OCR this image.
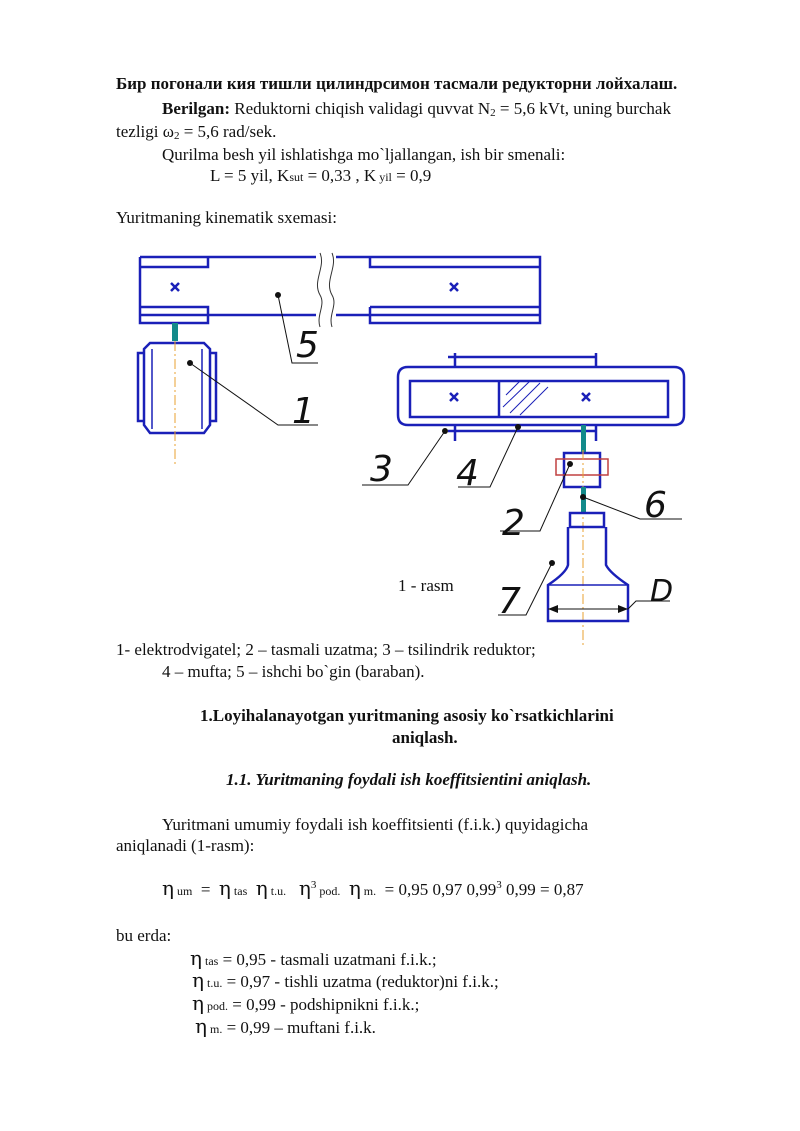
Бир погонали кия тишли цилиндрсимон тасмали редукторни лойхалаш.
Berilgan: Reduktorni chiqish validagi quvvat N2 = 5,6 kVt, uning burchak
tezligi ω2 = 5,6 rad/sek.
Qurilma besh yil ishlatishga mo`ljallangan, ish bir smenali:
L = 5 yil, Ksut = 0,33 , K yil = 0,9
Yuritmaning kinematik sxemasi:
5
1
3 4
2	6
7	D
1 - rasm
1- elektrodvigatel; 2 – tasmali uzatma; 3 – tsilindrik reduktor;
4 – mufta; 5 – ishchi bo`gin (baraban).
1.Loyihalanayotgan yuritmaning asosiy ko`rsatkichlarini
aniqlash.
1.1. Yuritmaning foydali ish koeffitsientini aniqlash.
Yuritmani umumiy foydali ish koeffitsienti (f.i.k.) quyidagicha
aniqlanadi (1-rasm):
η um = η tas η t.u. $\eta^3$ pod. η m. = 0,95 0,97 0,99$^3$ 0,99 = 0,87
bu erda:
η tas = 0,95 - tasmali uzatmani f.i.k.;
η t.u. = 0,97 - tishli uzatma (reduktor)ni f.i.k.;
η pod. = 0,99 - podshipnikni f.i.k.;
η m. = 0,99 – muftani f.i.k.
